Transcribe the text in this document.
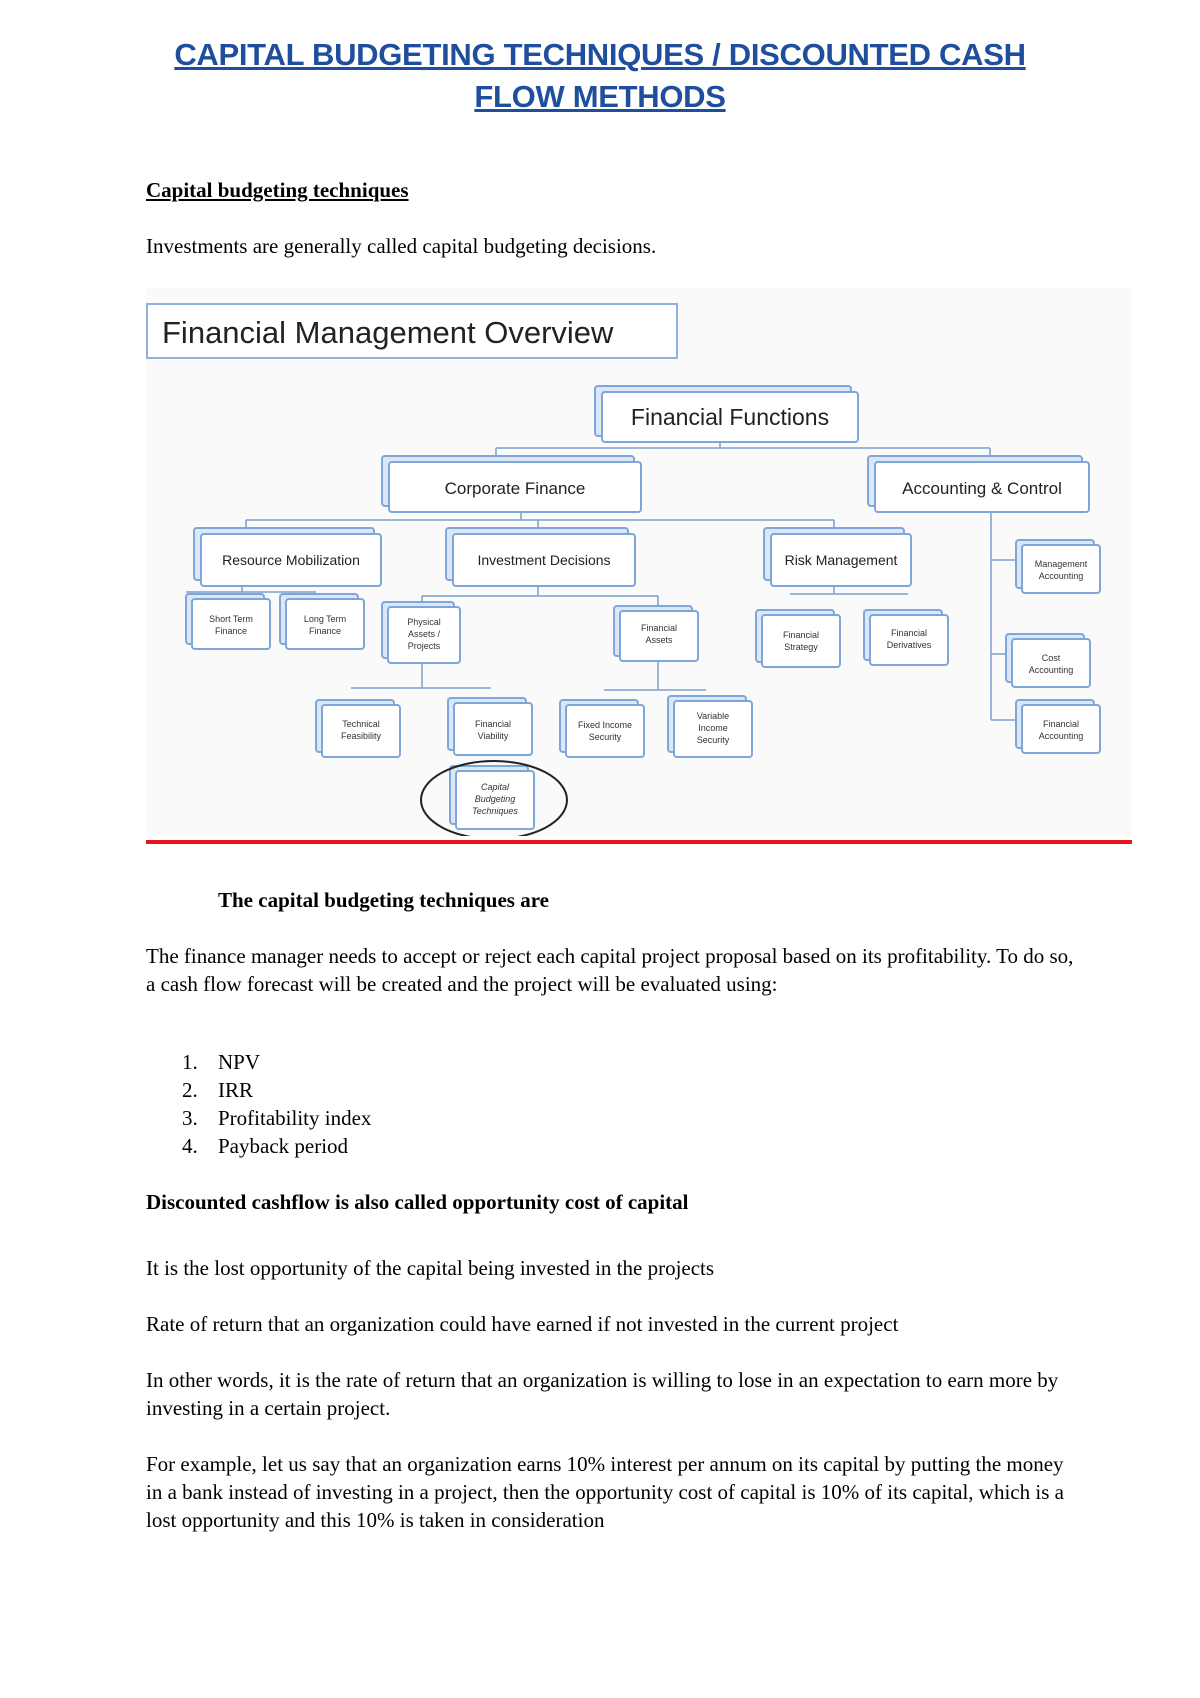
CAPITAL BUDGETING TECHNIQUES / DISCOUNTED CASH
FLOW METHODS
Capital budgeting techniques
Investments are generally called capital budgeting decisions.
Financial Management Overview
Financial Functions
Corporate Finance	Accounting & Control
Resource Mobilization	Investment Decisions	Risk Management	Management
Accounting
Cost
Accounting
Financial
Accounting
Short Term
Finance
Long Term
Finance
Physical
Assets /
Projects
Financial
Assets	Financial
Strategy
Financial
Derivatives
Technical
Feasibility
Financial
Viability
Fixed Income
Security
Variable
Income
Security
Capital
Budgeting
Techniques
The capital budgeting techniques are
The finance manager needs to accept or reject each capital project proposal based on its profitability. To do so, a cash flow forecast will be created and the project will be evaluated using:
1. NPV
2. IRR
3. Profitability index
4. Payback period
Discounted cashflow is also called opportunity cost of capital
It is the lost opportunity of the capital being invested in the projects
Rate of return that an organization could have earned if not invested in the current project
In other words, it is the rate of return that an organization is willing to lose in an expectation to earn more by investing in a certain project.
For example, let us say that an organization earns 10% interest per annum on its capital by putting the money in a bank instead of investing in a project, then the opportunity cost of capital is 10% of its capital, which is a lost opportunity and this 10% is taken in consideration
